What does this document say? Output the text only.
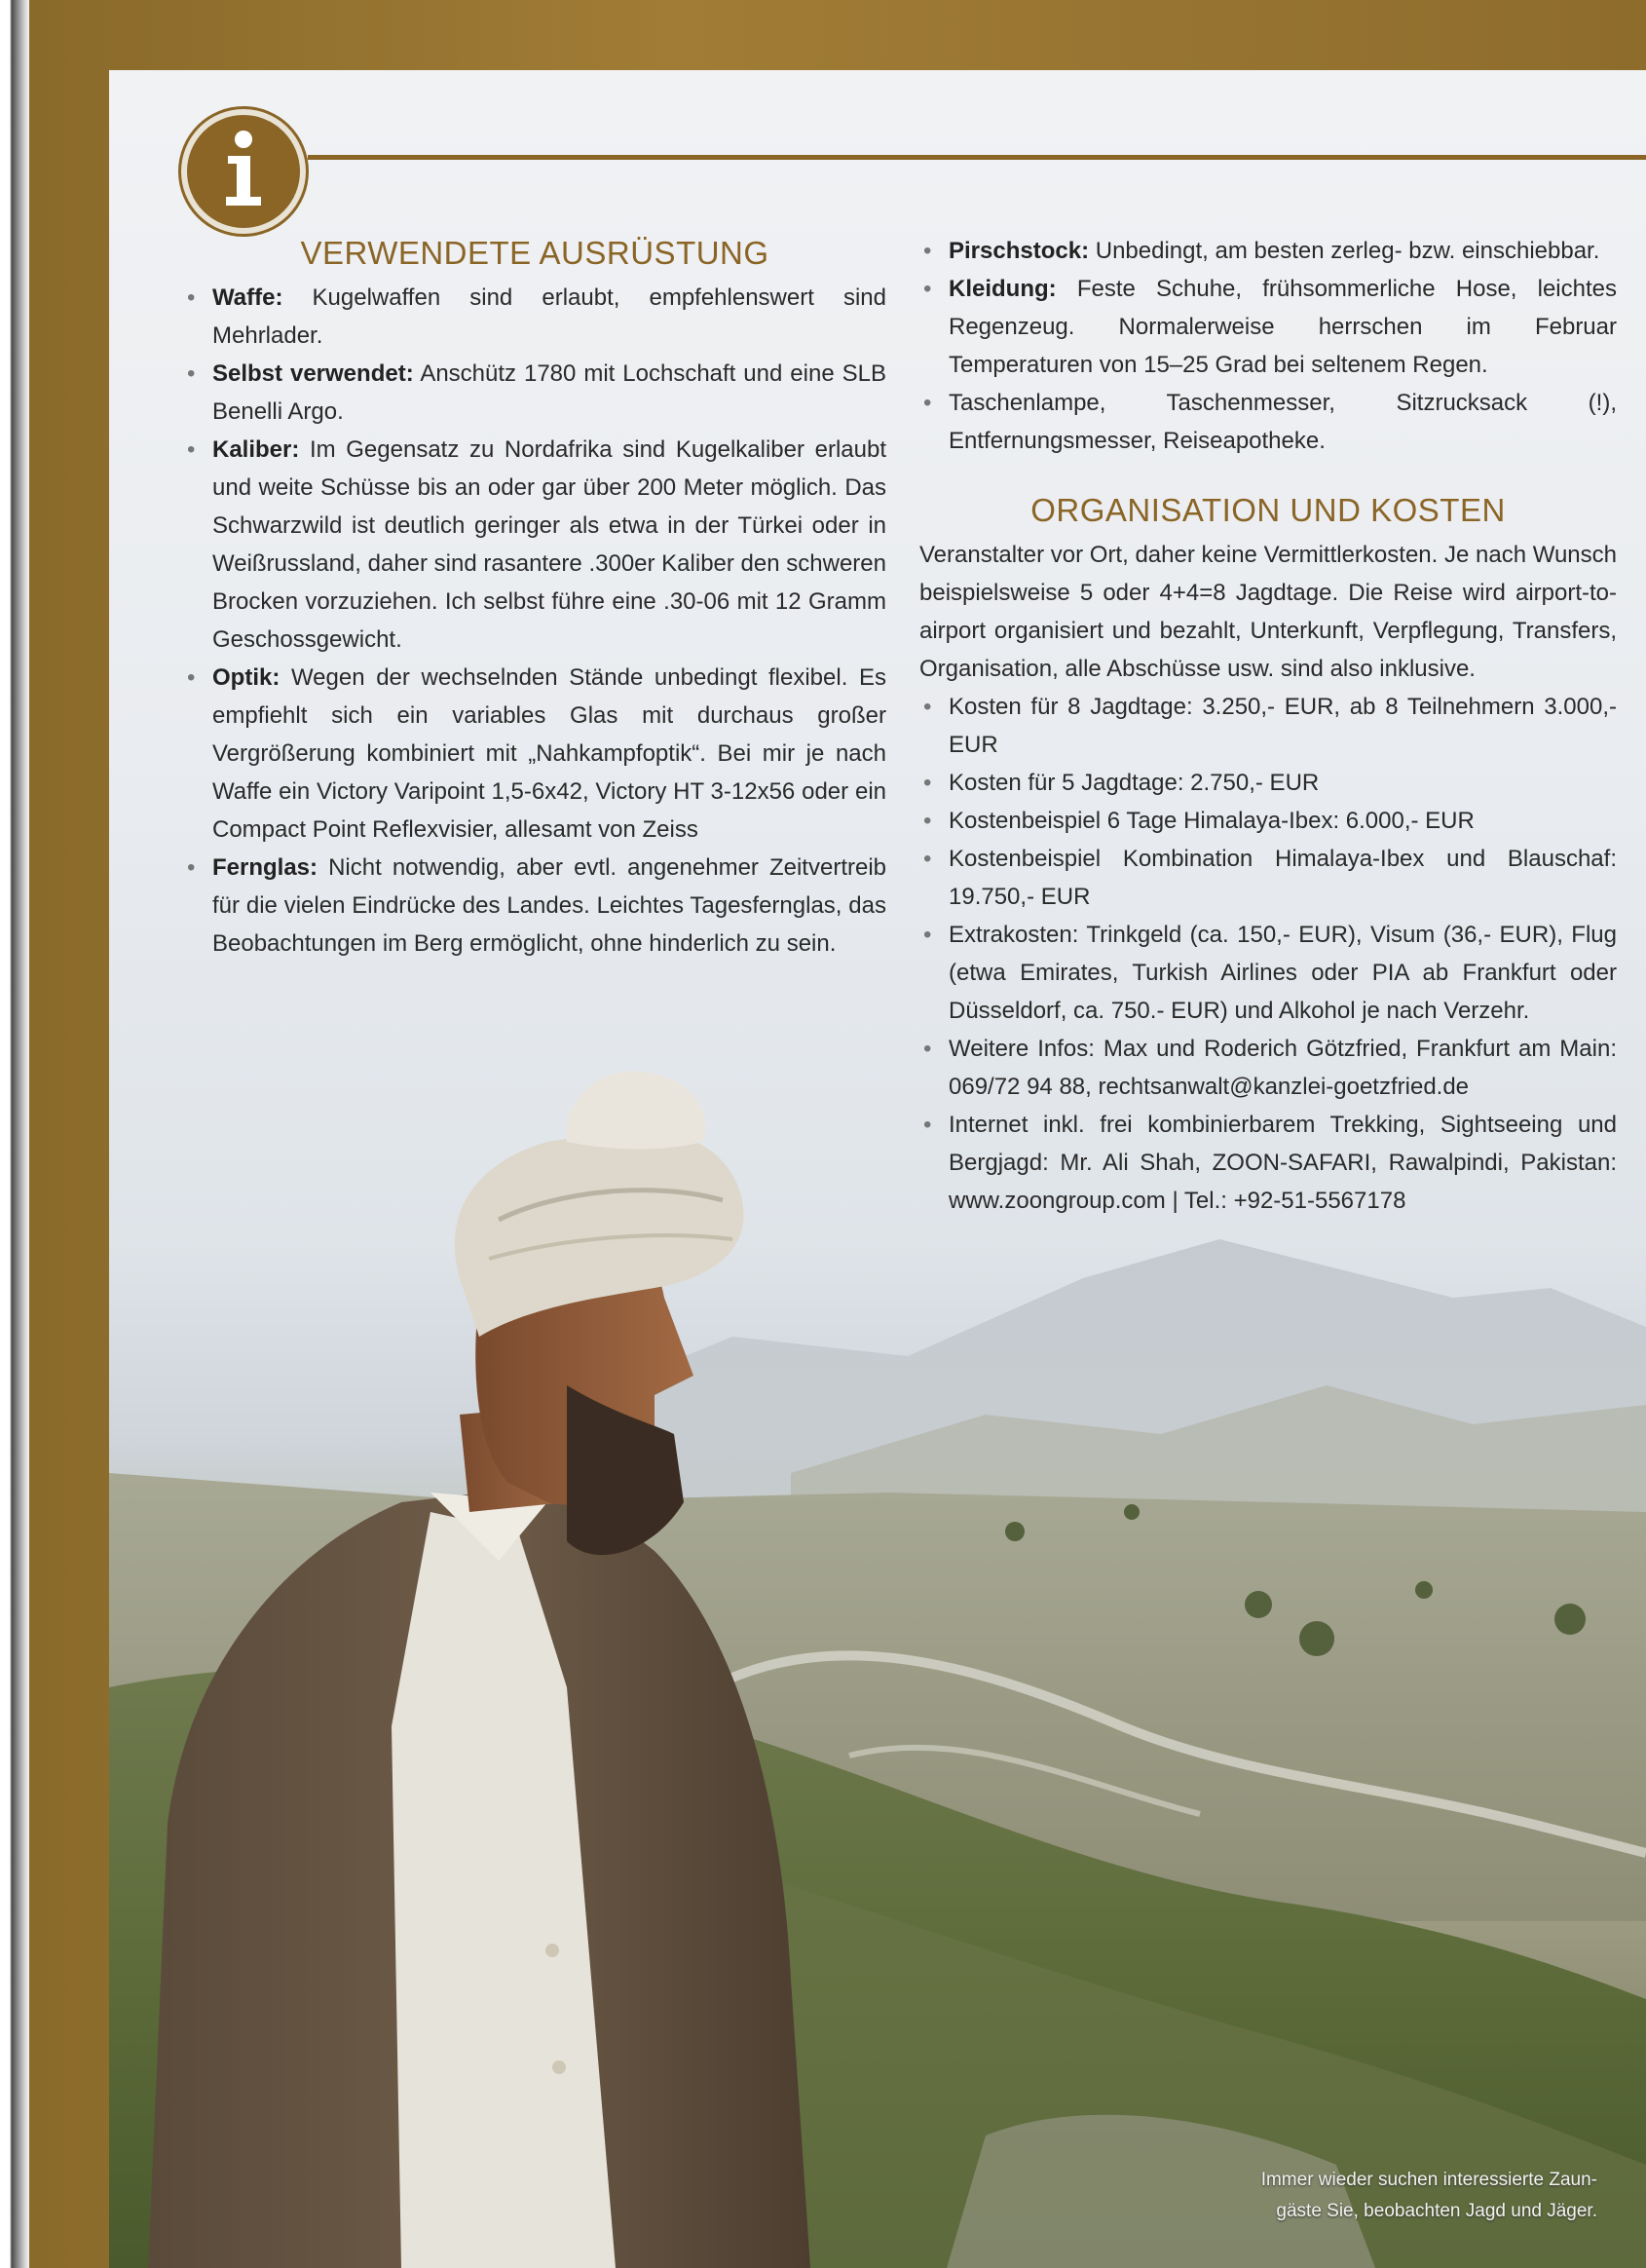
VERWENDETE AUSRÜSTUNG
• Waffe: Kugelwaffen sind erlaubt, empfehlenswert sind Mehrlader.
• Selbst verwendet: Anschütz 1780 mit Lochschaft und eine SLB Benelli Argo.
• Kaliber: Im Gegensatz zu Nordafrika sind Kugelkaliber erlaubt und weite Schüsse bis an oder gar über 200 Meter möglich. Das Schwarzwild ist deutlich geringer als etwa in der Türkei oder in Weißrussland, daher sind rasantere .300er Kaliber den schweren Brocken vorzuziehen. Ich selbst führe eine .30-06 mit 12 Gramm Geschossgewicht.
• Optik: Wegen der wechselnden Stände unbedingt flexibel. Es empfiehlt sich ein variables Glas mit durchaus großer Vergrößerung kombiniert mit „Nahkampfoptik“. Bei mir je nach Waffe ein Victory Varipoint 1,5-6x42, Victory HT 3-12x56 oder ein Compact Point Reflexvisier, allesamt von Zeiss
• Fernglas: Nicht notwendig, aber evtl. angenehmer Zeitvertreib für die vielen Eindrücke des Landes. Leichtes Tagesfernglas, das Beobachtungen im Berg ermöglicht, ohne hinderlich zu sein.
• Pirschstock: Unbedingt, am besten zerleg- bzw. einschiebbar.
• Kleidung: Feste Schuhe, frühsommerliche Hose, leichtes Regenzeug. Normalerweise herrschen im Februar Temperaturen von 15–25 Grad bei seltenem Regen.
• Taschenlampe, Taschenmesser, Sitzrucksack (!), Entfernungsmesser, Reiseapotheke.
ORGANISATION UND KOSTEN

Veranstalter vor Ort, daher keine Vermittlerkosten. Je nach Wunsch beispielsweise 5 oder 4+4=8 Jagdtage. Die Reise wird airport-to-airport organisiert und bezahlt, Unterkunft, Verpflegung, Transfers, Organisation, alle Abschüsse usw. sind also inklusive.

• Kosten für 8 Jagdtage: 3.250,- EUR, ab 8 Teilnehmern 3.000,- EUR
• Kosten für 5 Jagdtage: 2.750,- EUR
• Kostenbeispiel 6 Tage Himalaya-Ibex: 6.000,- EUR
• Kostenbeispiel Kombination Himalaya-Ibex und Blauschaf: 19.750,- EUR
• Extrakosten: Trinkgeld (ca. 150,- EUR), Visum (36,- EUR), Flug (etwa Emirates, Turkish Airlines oder PIA ab Frankfurt oder Düsseldorf, ca. 750.- EUR) und Alkohol je nach Verzehr.
• Weitere Infos: Max und Roderich Götzfried, Frankfurt am Main: 069/72 94 88, rechtsanwalt@kanzlei-goetzfried.de
• Internet inkl. frei kombinierbarem Trekking, Sightseeing und Bergjagd: Mr. Ali Shah, ZOON-SAFARI, Rawalpindi, Pakistan: www.zoongroup.com | Tel.: +92-51-5567178
Immer wieder suchen interessierte Zaun-
gäste Sie, beobachten Jagd und Jäger.
